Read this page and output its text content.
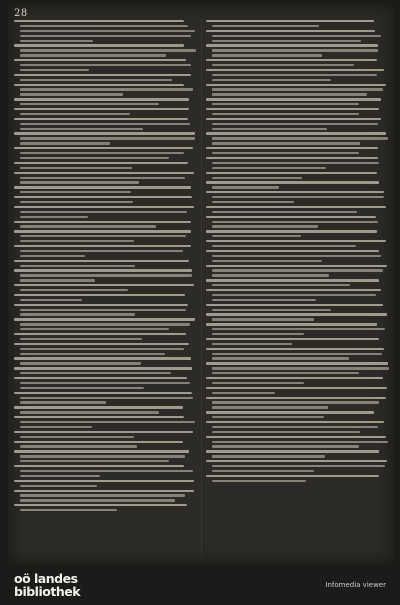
28
oö landes
bibliothek	Infomedia viewer
